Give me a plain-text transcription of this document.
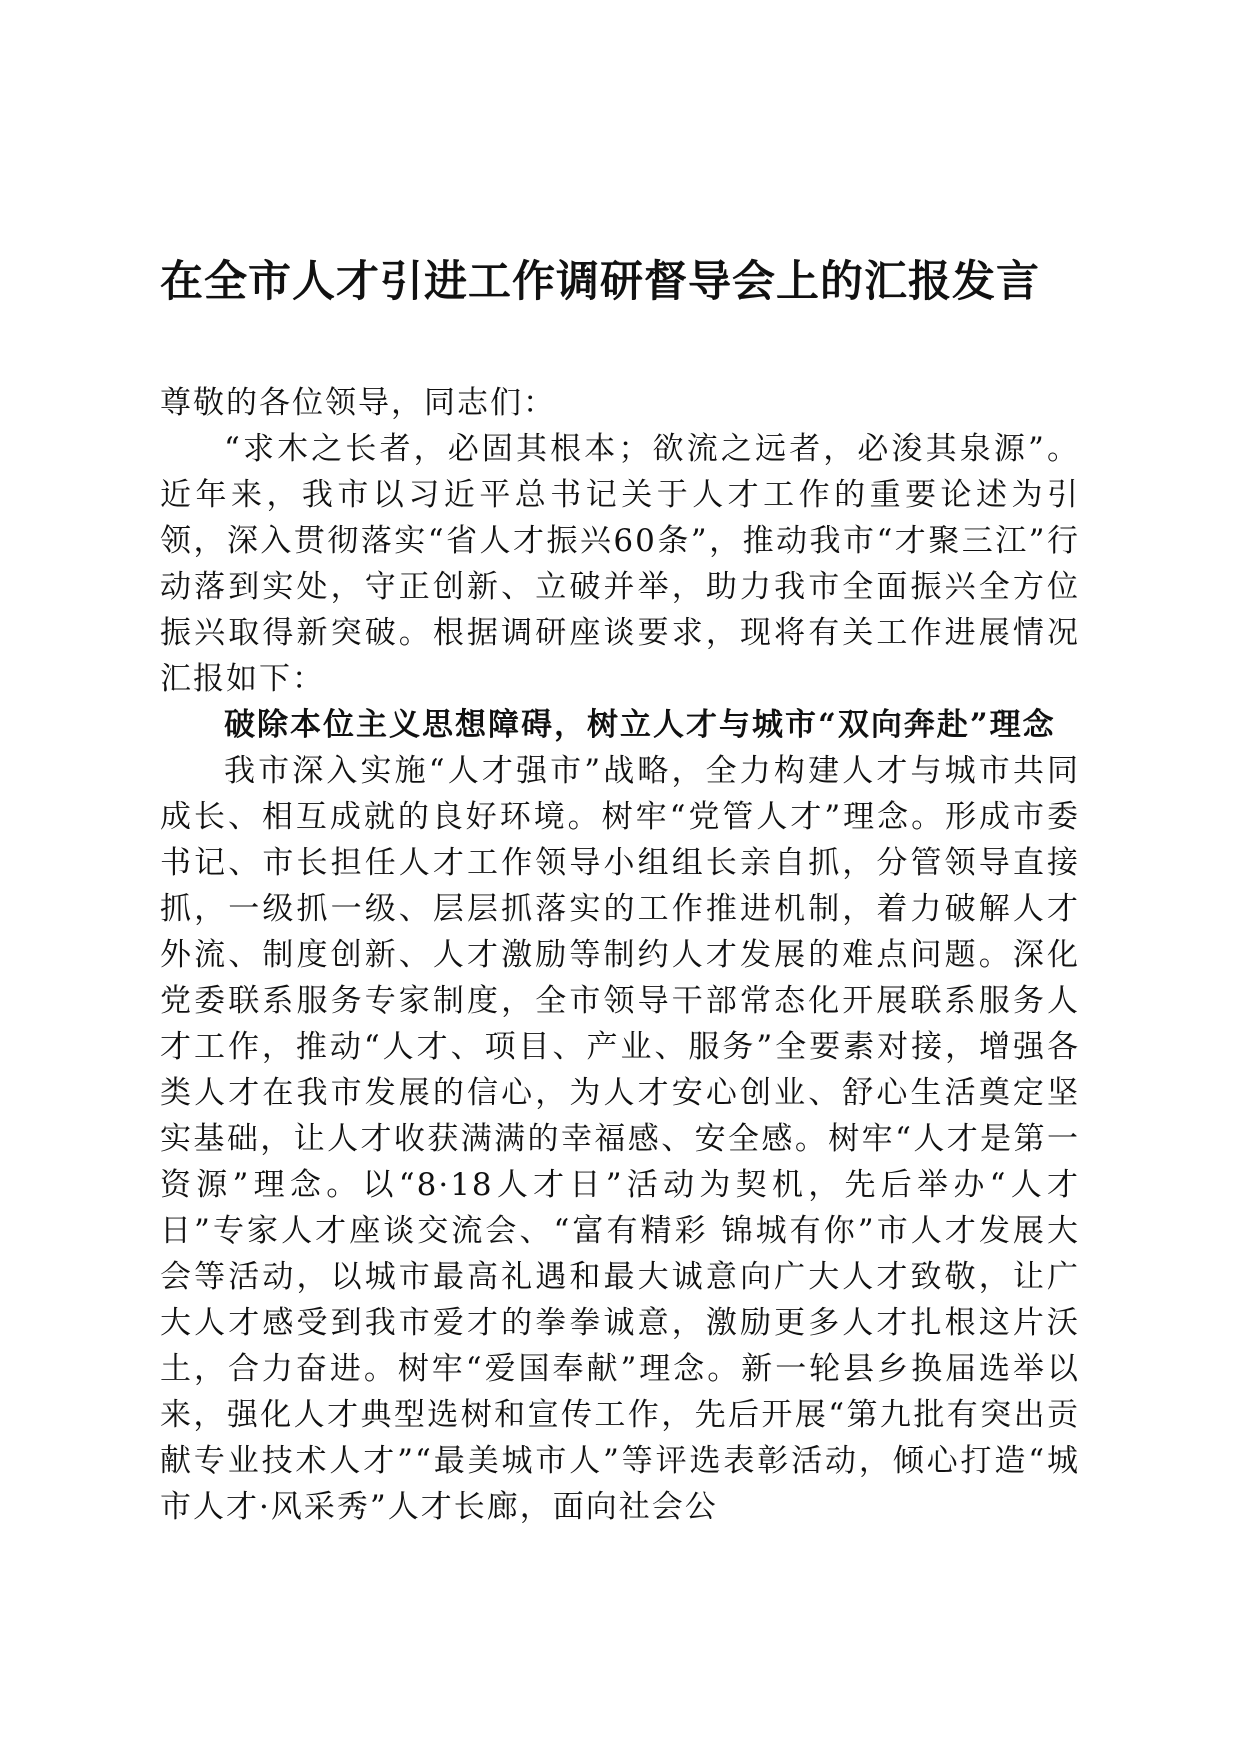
在全市人才引进工作调研督导会上的汇报发言

尊敬的各位领导，同志们：

“求木之长者，必固其根本；欲流之远者，必浚其泉源”。近年来，我市以习近平总书记关于人才工作的重要论述为引领，深入贯彻落实“省人才振兴60条”，推动我市“才聚三江”行动落到实处，守正创新、立破并举，助力我市全面振兴全方位振兴取得新突破。根据调研座谈要求，现将有关工作进展情况汇报如下：

破除本位主义思想障碍，树立人才与城市“双向奔赴”理念

我市深入实施“人才强市”战略，全力构建人才与城市共同成长、相互成就的良好环境。树牢“党管人才”理念。形成市委书记、市长担任人才工作领导小组组长亲自抓，分管领导直接抓，一级抓一级、层层抓落实的工作推进机制，着力破解人才外流、制度创新、人才激励等制约人才发展的难点问题。深化党委联系服务专家制度，全市领导干部常态化开展联系服务人才工作，推动“人才、项目、产业、服务”全要素对接，增强各类人才在我市发展的信心，为人才安心创业、舒心生活奠定坚实基础，让人才收获满满的幸福感、安全感。树牢“人才是第一资源”理念。以“8·18人才日”活动为契机，先后举办“人才日”专家人才座谈交流会、“富有精彩 锦城有你”市人才发展大会等活动，以城市最高礼遇和最大诚意向广大人才致敬，让广大人才感受到我市爱才的拳拳诚意，激励更多人才扎根这片沃土，合力奋进。树牢“爱国奉献”理念。新一轮县乡换届选举以来，强化人才典型选树和宣传工作，先后开展“第九批有突出贡献专业技术人才”“最美城市人”等评选表彰活动，倾心打造“城市人才·风采秀”人才长廊，面向社会公
